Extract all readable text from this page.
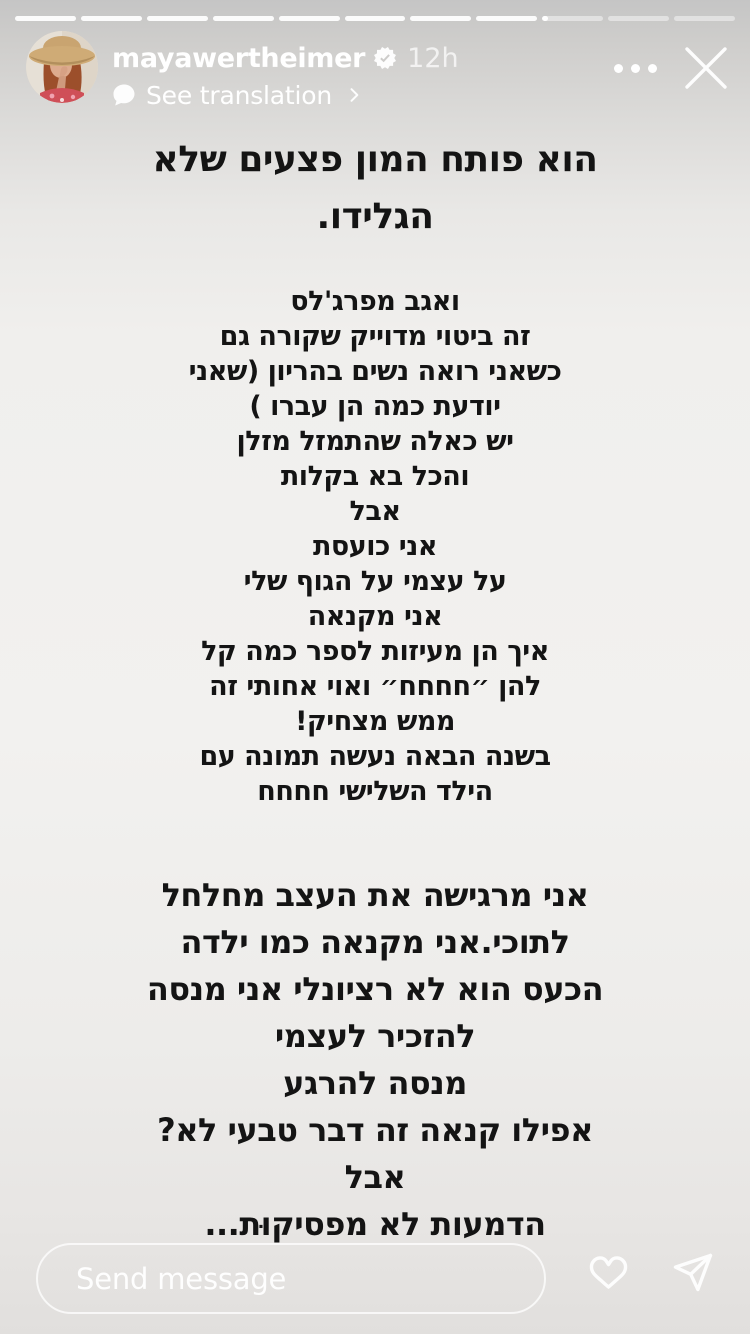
mayawertheimer 12h
See translation
הוא פותח המון פצעים שלא
הגלידו.
ואגב מפרג'לס
זה ביטוי מדוייק שקורה גם
כשאני רואה נשים בהריון (שאני
יודעת כמה הן עברו )
יש כאלה שהתמזל מזלן
והכל בא בקלות
אבל
אני כועסת
על עצמי על הגוף שלי
אני מקנאה
איך הן מעיזות לספר כמה קל
להן ״חחחח״ ואוי אחותי זה
ממש מצחיק!
בשנה הבאה נעשה תמונה עם
הילד השלישי חחחח
אני מרגישה את העצב מחלחל
לתוכי.אני מקנאה כמו ילדה
הכעס הוא לא רציונלי אני מנסה
להזכיר לעצמי
מנסה להרגע
אפילו קנאה זה דבר טבעי לא?
אבל
הדמעות לא מפסיקוּת...
Send message
